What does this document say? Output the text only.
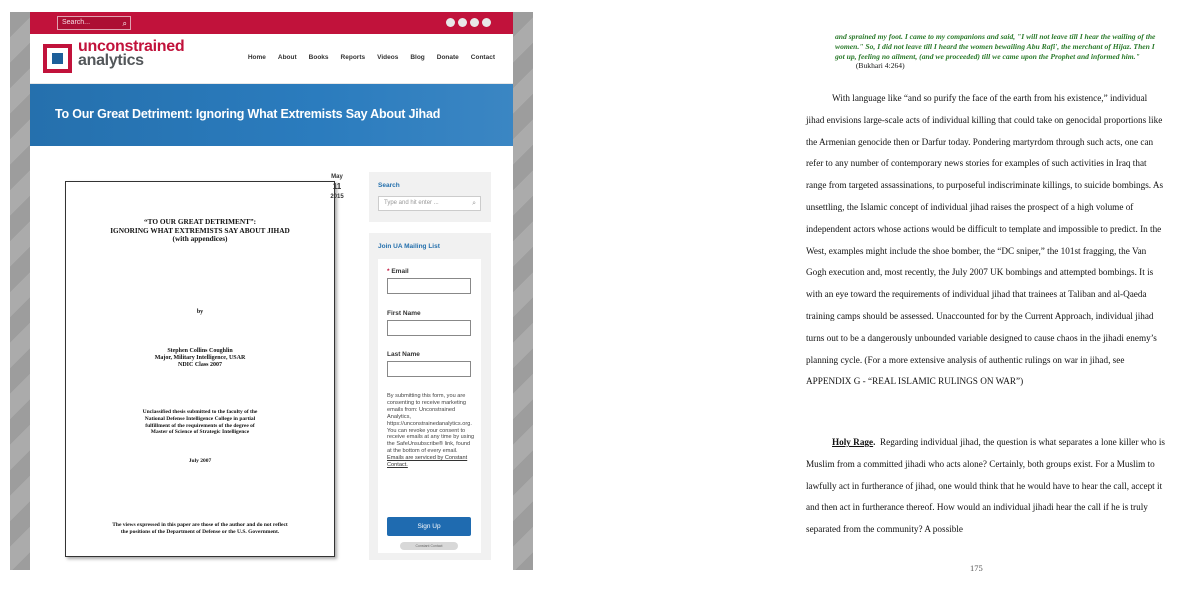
Search...	⌕
unconstrained
analytics	Home About Books Reports Videos Blog Donate Contact
To Our Great Detriment: Ignoring What Extremists Say About Jihad
“TO OUR GREAT DETRIMENT”:
IGNORING WHAT EXTREMISTS SAY ABOUT JIHAD
(with appendices)
by
Stephen Collins Coughlin
Major, Military Intelligence, USAR
NDIC Class 2007
Unclassified thesis submitted to the faculty of the
National Defense Intelligence College in partial
fulfillment of the requirements of the degree of
Master of Science of Strategic Intelligence
July 2007
The views expressed in this paper are those of the author and do not reflect
the positions of the Department of Defense or the U.S. Government.
May
11
2015
Search
Type and hit enter ...	⌕
Join UA Mailing List
* Email
First Name
Last Name
By submitting this form, you are consenting to receive marketing emails from: Unconstrained Analytics, https://unconstrainedanalytics.org. You can revoke your consent to receive emails at any time by using the SafeUnsubscribe® link, found at the bottom of every email. Emails are serviced by Constant Contact.
Sign Up
Constant Contact
and sprained my foot. I came to my companions and said, "I will not leave till I hear the wailing of the women." So, I did not leave till I heard the women bewailing Abu Rafi', the merchant of Hijaz. Then I got up, feeling no ailment, (and we proceeded) till we came upon the Prophet and informed him."            (Bukhari 4:264)
With language like “and so purify the face of the earth from his existence,” individual jihad envisions large-scale acts of individual killing that could take on genocidal proportions like the Armenian genocide then or Darfur today. Pondering martyrdom through such acts, one can refer to any number of contemporary news stories for examples of such activities in Iraq that range from targeted assassinations, to purposeful indiscriminate killings, to suicide bombings. As unsettling, the Islamic concept of individual jihad raises the prospect of a high volume of independent actors whose actions would be difficult to template and impossible to predict. In the West, examples might include the shoe bomber, the “DC sniper,” the 101st fragging, the Van Gogh execution and, most recently, the July 2007 UK bombings and attempted bombings. It is with an eye toward the requirements of individual jihad that trainees at Taliban and al-Qaeda training camps should be assessed. Unaccounted for by the Current Approach, individual jihad turns out to be a dangerously unbounded variable designed to cause chaos in the jihadi enemy’s planning cycle. (For a more extensive analysis of authentic rulings on war in jihad, see APPENDIX G - “REAL ISLAMIC RULINGS ON WAR”)
Holy Rage. Regarding individual jihad, the question is what separates a lone killer who is Muslim from a committed jihadi who acts alone? Certainly, both groups exist. For a Muslim to lawfully act in furtherance of jihad, one would think that he would have to hear the call, accept it and then act in furtherance thereof. How would an individual jihadi hear the call if he is truly separated from the community? A possible
175
